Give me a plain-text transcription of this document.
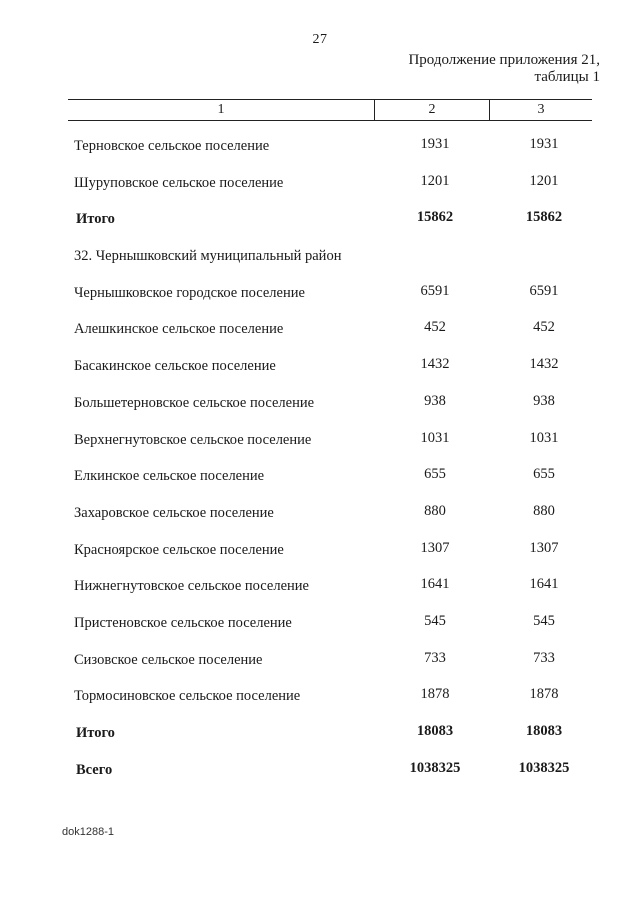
27
Продолжение приложения 21,
таблицы 1
1	2	3
Терновское сельское поселение	1931	1931
Шуруповское сельское поселение	1201	1201
Итого	15862	15862
32. Чернышковский муниципальный район
Чернышковское городское поселение	6591	6591
Алешкинское сельское поселение	452	452
Басакинское сельское поселение	1432	1432
Большетерновское сельское поселение	938	938
Верхнегнутовское сельское поселение	1031	1031
Елкинское сельское поселение	655	655
Захаровское сельское поселение	880	880
Красноярское сельское поселение	1307	1307
Нижнегнутовское сельское поселение	1641	1641
Пристеновское сельское поселение	545	545
Сизовское сельское поселение	733	733
Тормосиновское сельское поселение	1878	1878
Итого	18083	18083
Всего	1038325	1038325
dok1288-1
